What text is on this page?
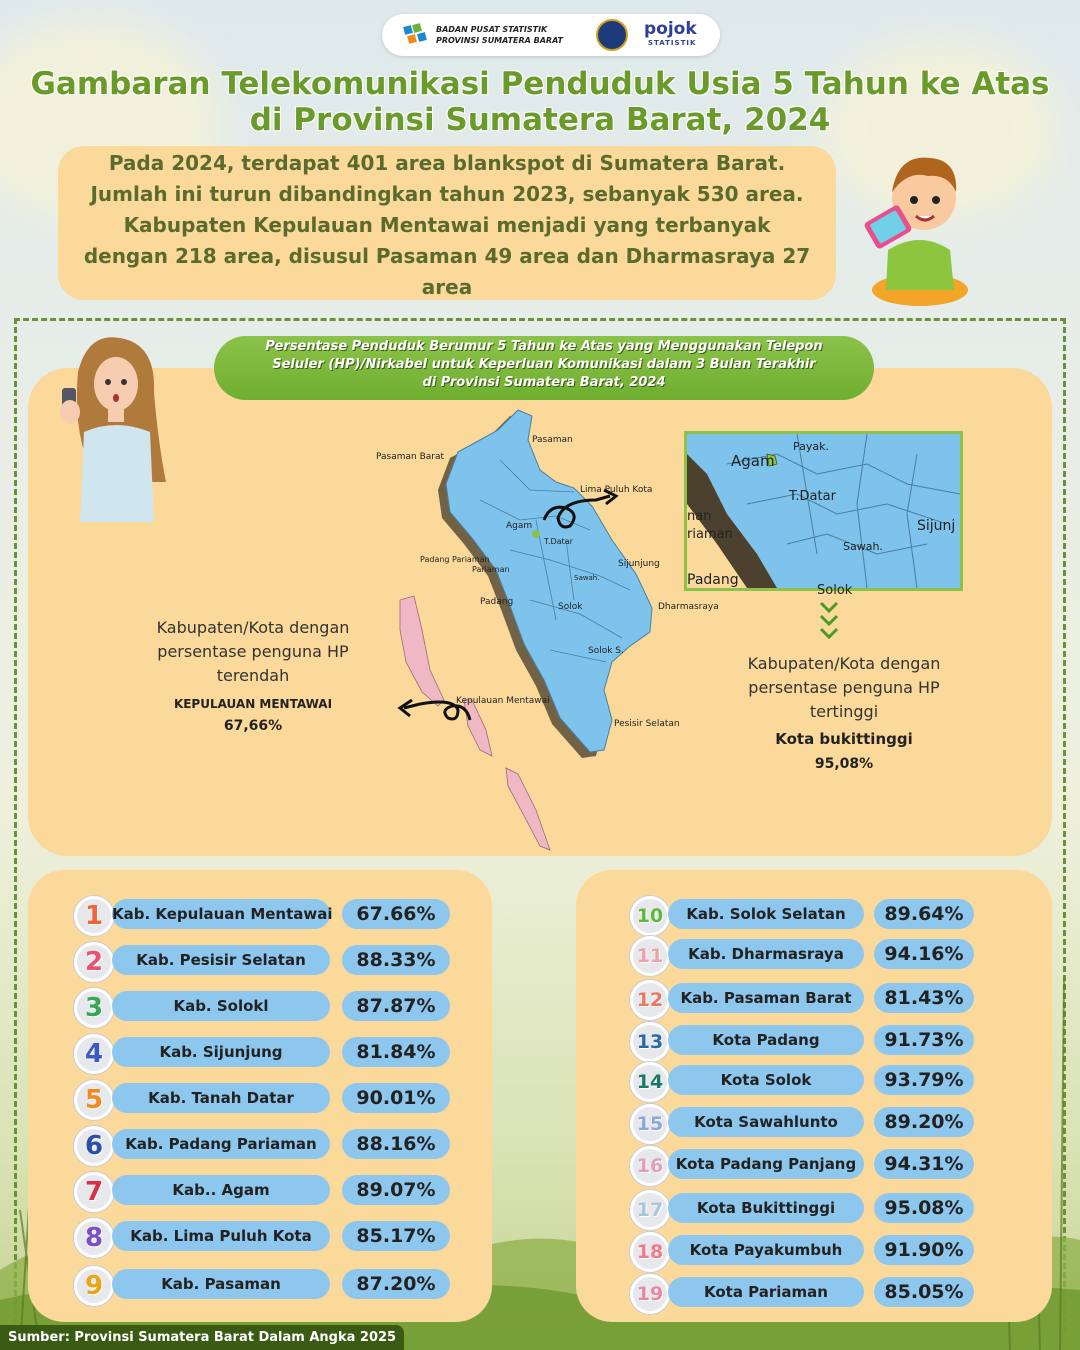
BADAN PUSAT STATISTIK
PROVINSI SUMATERA BARAT
pojok
STATISTIK
Gambaran Telekomunikasi Penduduk Usia 5 Tahun ke Atas
di Provinsi Sumatera Barat, 2024
Pada 2024, terdapat 401 area blankspot di Sumatera Barat.
Jumlah ini turun dibandingkan tahun 2023, sebanyak 530 area.
Kabupaten Kepulauan Mentawai menjadi yang terbanyak
dengan 218 area, disusul Pasaman 49 area dan Dharmasraya 27
area
Persentase Penduduk Berumur 5 Tahun ke Atas yang Menggunakan Telepon
Seluler (HP)/Nirkabel untuk Keperluan Komunikasi dalam 3 Bulan Terakhir
di Provinsi Sumatera Barat, 2024
Pasaman
Pasaman Barat
Lima Puluh Kota
Agam
T.Datar
Padang Pariaman
Pariaman
Sijunjung
Sawah.
Padang	Solok	Dharmasraya
Solok S.
Kepulauan Mentawai
Pesisir Selatan
Payak.
Agam
T.Datar
Sijunj
nan
riaman
Sawah.
Padang
Solok
Kabupaten/Kota dengan
persentase penguna HP
terendah
KEPULAUAN MENTAWAI
67,66%
Kabupaten/Kota dengan
persentase penguna HP
tertinggi
Kota bukittinggi
95,08%
1 Kab. Kepulauan Mentawai	67.66%
2	Kab. Pesisir Selatan	88.33%
3	Kab. Solokl	87.87%
4	Kab. Sijunjung	81.84%
5	Kab. Tanah Datar	90.01%
6	Kab. Padang Pariaman	88.16%
7	Kab.. Agam	89.07%
8	Kab. Lima Puluh Kota	85.17%
9	Kab. Pasaman	87.20%
10	Kab. Solok Selatan	89.64%
11	Kab. Dharmasraya	94.16%
12	Kab. Pasaman Barat	81.43%
13	Kota Padang	91.73%
14	Kota Solok	93.79%
15	Kota Sawahlunto	89.20%
16 Kota Padang Panjang	94.31%
17	Kota Bukittinggi	95.08%
18	Kota Payakumbuh	91.90%
19	Kota Pariaman	85.05%
Sumber: Provinsi Sumatera Barat Dalam Angka 2025
